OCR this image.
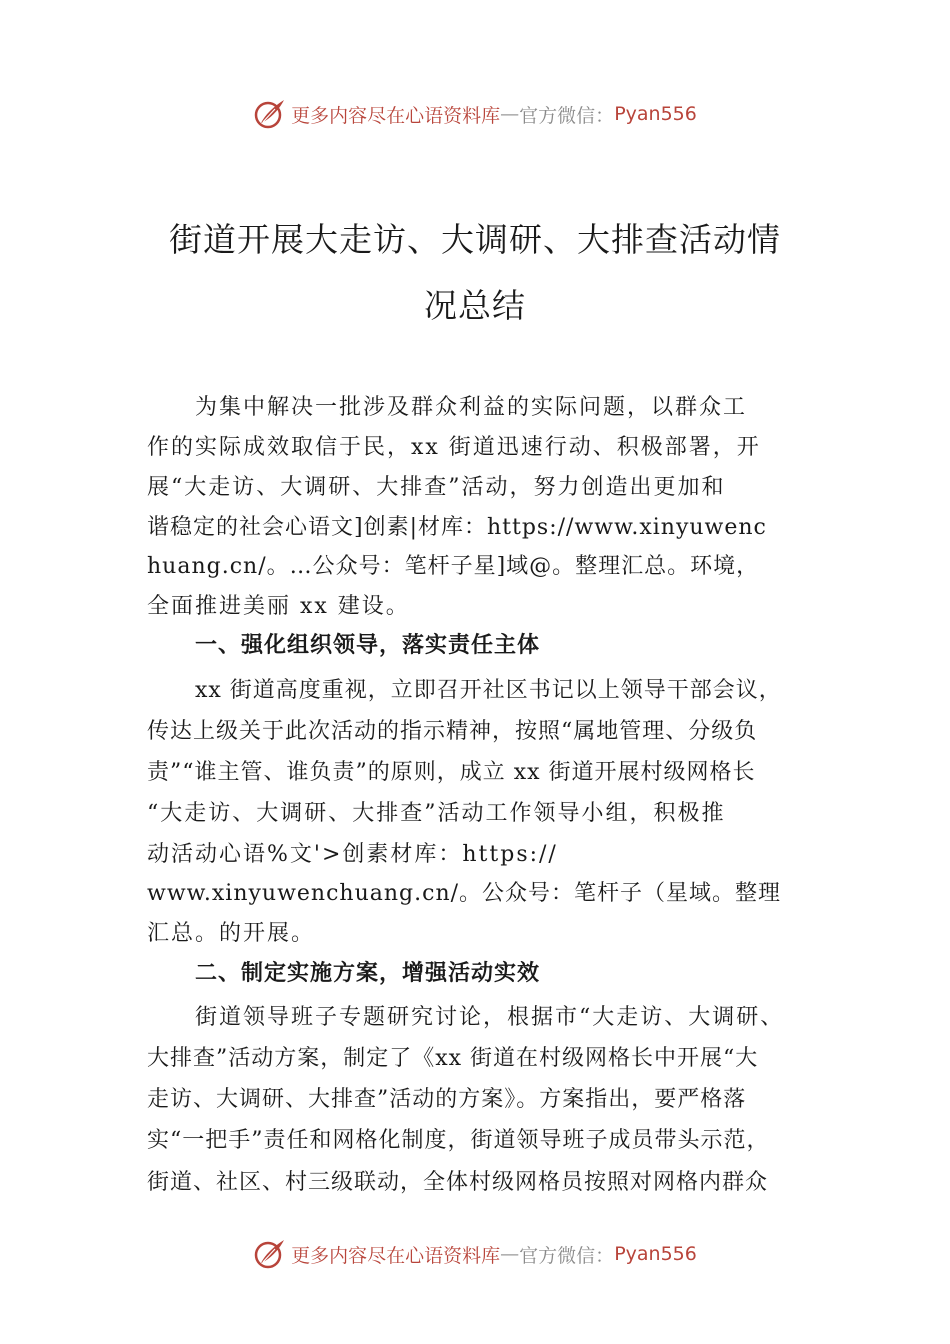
更多内容尽在心语资料库 — 官方微信： Pyan556
街道开展大走访、大调研、大排查活动情
况总结
为集中解决一批涉及群众利益的实际问题，以群众工
作的实际成效取信于民，xx 街道迅速行动、积极部署，开
展“大走访、大调研、大排查”活动，努力创造出更加和
谐稳定的社会心语文]创素|材库：https://www.xinyuwenc
huang.cn/。…公众号：笔杆子星]域@。整理汇总。环境，
全面推进美丽 xx 建设。
一、强化组织领导，落实责任主体
xx 街道高度重视，立即召开社区书记以上领导干部会议，
传达上级关于此次活动的指示精神，按照“属地管理、分级负
责”“谁主管、谁负责”的原则，成立 xx 街道开展村级网格长
“大走访、大调研、大排查”活动工作领导小组，积极推
动活动心语%文'>创素材库：https://
www.xinyuwenchuang.cn/。公众号：笔杆子（星域。整理
汇总。的开展。
二、制定实施方案，增强活动实效
街道领导班子专题研究讨论，根据市“大走访、大调研、
大排查”活动方案，制定了《xx 街道在村级网格长中开展“大
走访、大调研、大排查”活动的方案》。方案指出，要严格落
实“一把手”责任和网格化制度，街道领导班子成员带头示范，
街道、社区、村三级联动，全体村级网格员按照对网格内群众
更多内容尽在心语资料库 — 官方微信： Pyan556
